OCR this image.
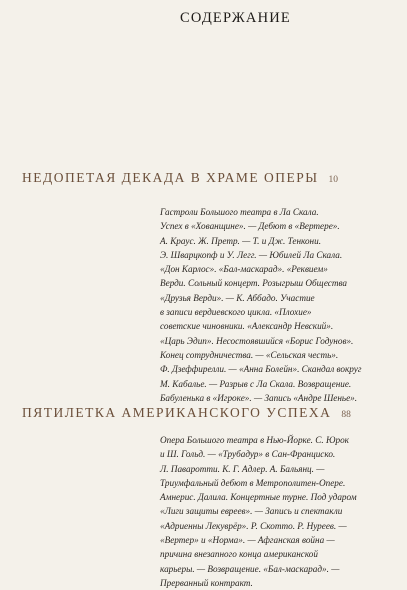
СОДЕРЖАНИЕ
НЕДОПЕТАЯ ДЕКАДА В ХРАМЕ ОПЕРЫ 10
Гастроли Большого театра в Ла Скала.
Успех в «Хованщине». — Дебют в «Вертере».
А. Краус. Ж. Претр. — Т. и Дж. Тенкони.
Э. Шварцкопф и У. Легг. — Юбилей Ла Скала.
«Дон Карлос». «Бал-маскарад». «Реквием»
Верди. Сольный концерт. Розыгрыш Общества
«Друзья Верди». — К. Аббадо. Участие
в записи вердиевского цикла. «Плохие»
советские чиновники. «Александр Невский».
«Царь Эдип». Несостоявшийся «Борис Годунов».
Конец сотрудничества. — «Сельская честь».
Ф. Дзеффирелли. — «Анна Болейн». Скандал вокруг
М. Кабалье. — Разрыв с Ла Скала. Возвращение.
Бабуленька в «Игроке». — Запись «Андре Шенье».
ПЯТИЛЕТКА АМЕРИКАНСКОГО УСПЕХА 88
Опера Большого театра в Нью-Йорке. С. Юрок
и Ш. Гольд. — «Трубадур» в Сан-Франциско.
Л. Паваротти. К. Г. Адлер. А. Бальянц. —
Триумфальный дебют в Метрополитен-Опере.
Амнерис. Далила. Концертные турне. Под ударом
«Лиги защиты евреев». — Запись и спектакли
«Адриенны Лекуврёр». Р. Скотто. Р. Нуреев. —
«Вертер» и «Норма». — Афганская война —
причина внезапного конца американской
карьеры. — Возвращение. «Бал-маскарад». —
Прерванный контракт.
